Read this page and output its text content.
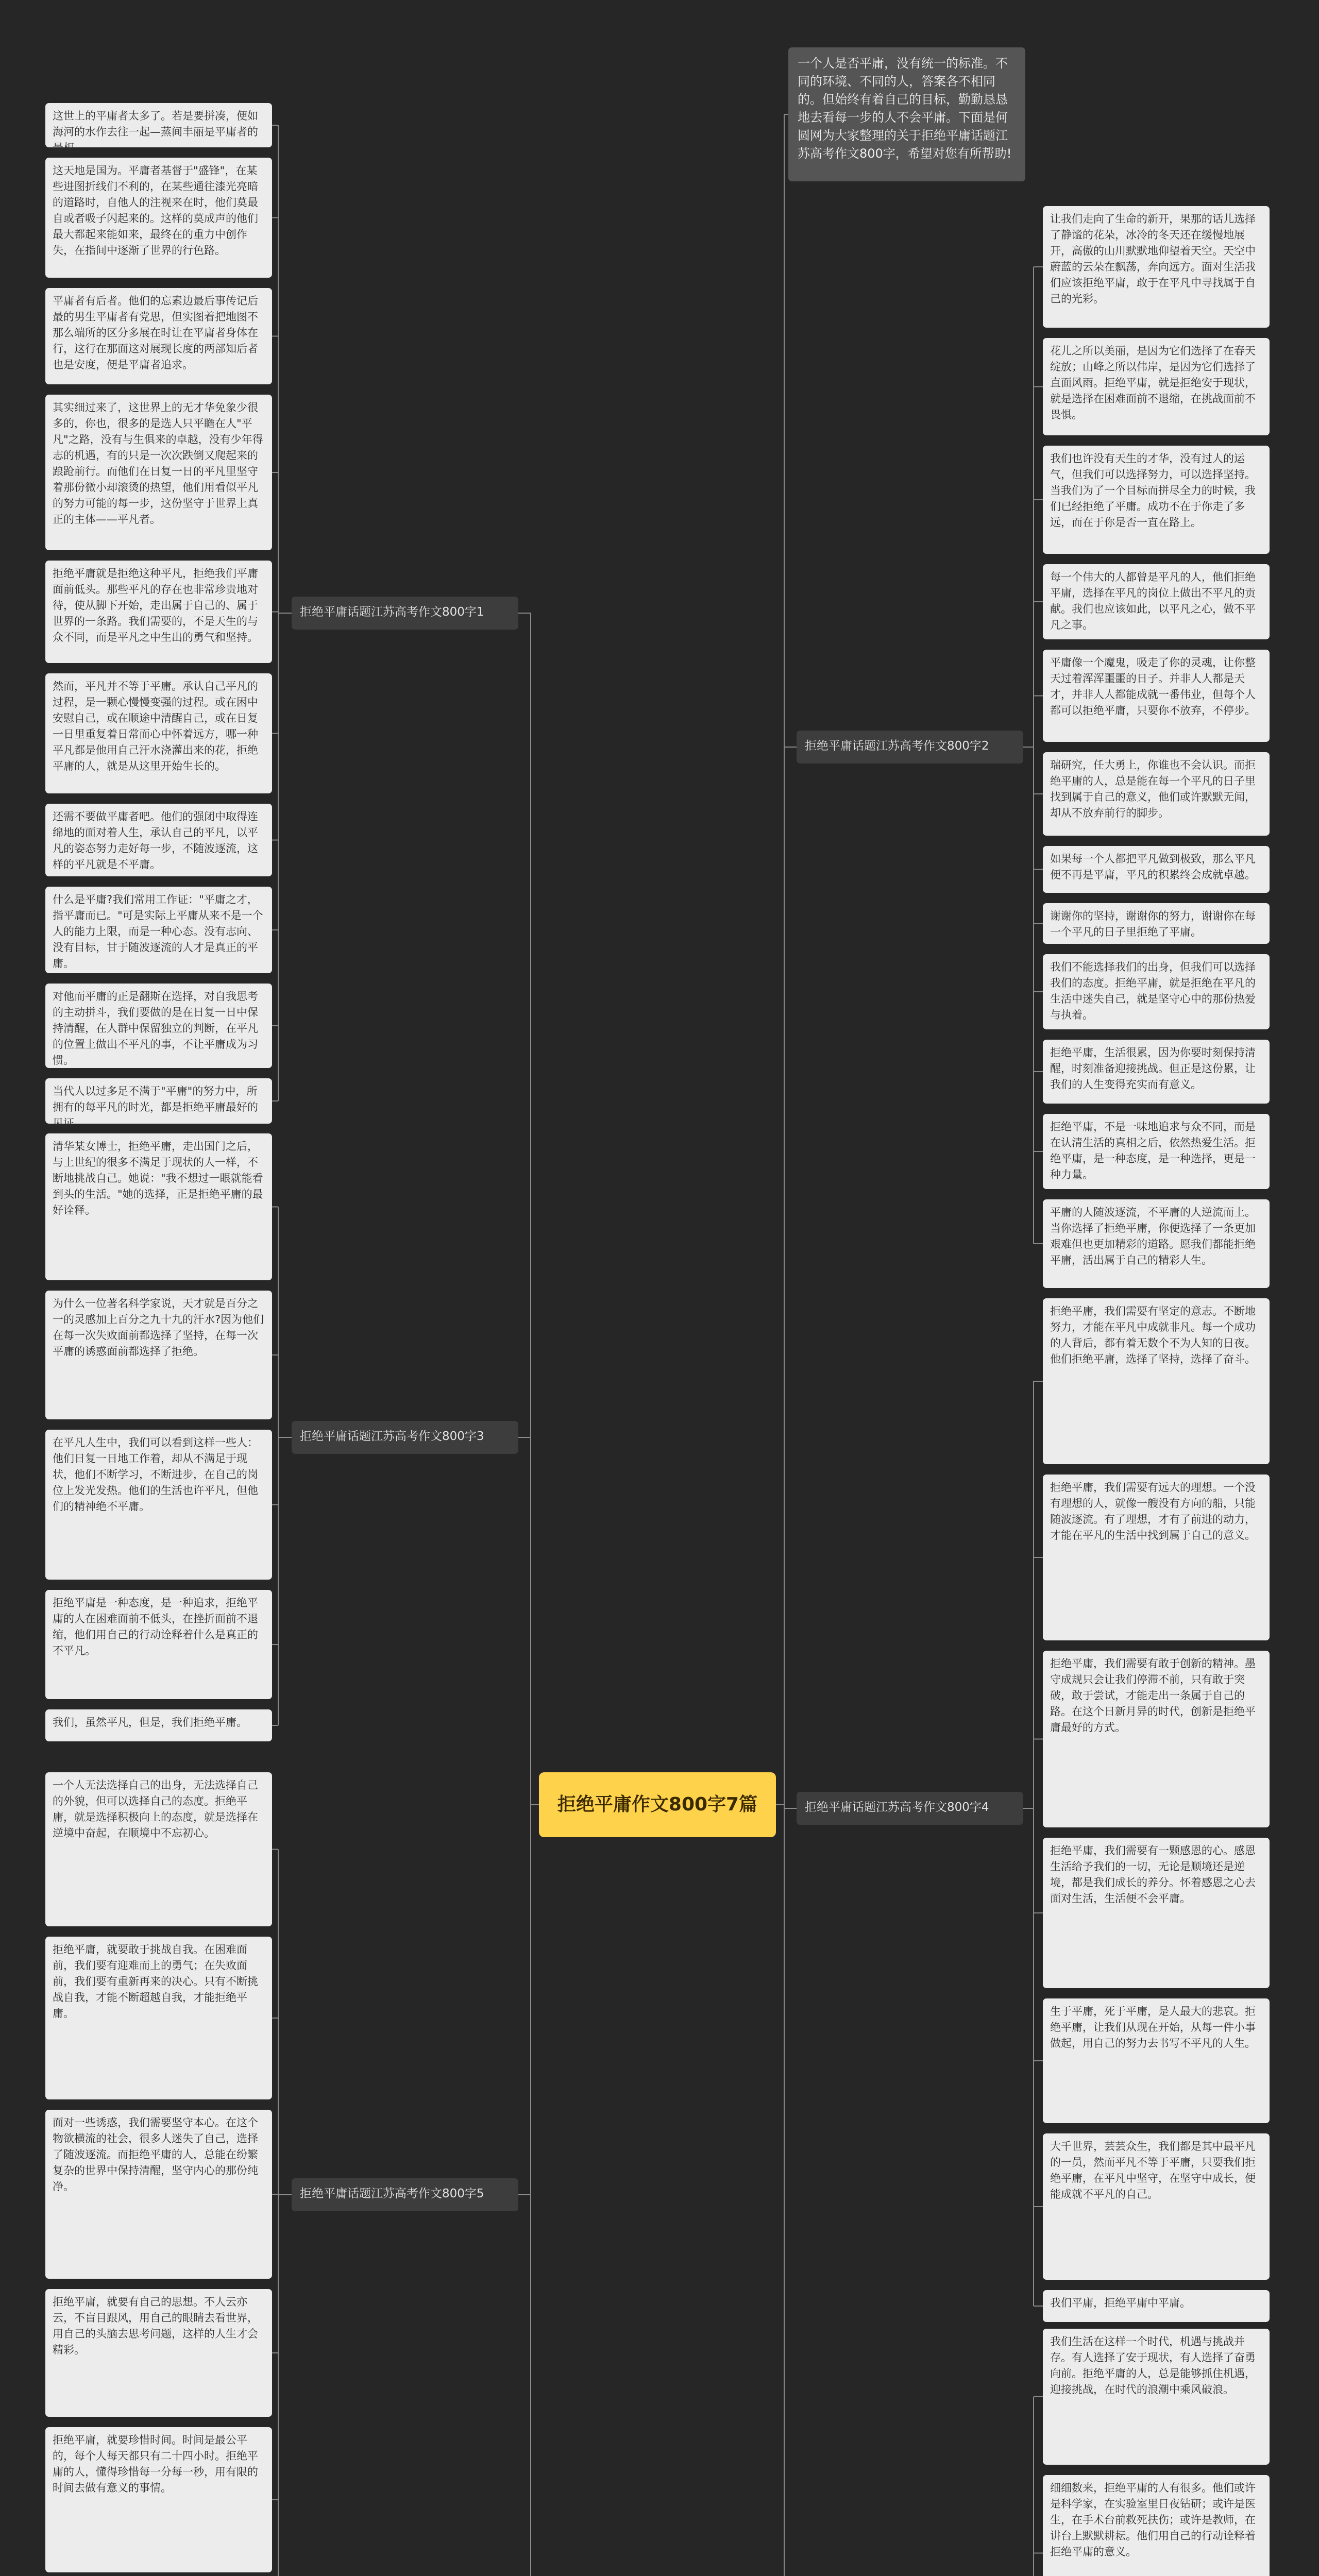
拒绝平庸作文800字7篇
一个人是否平庸，没有统一的标准。不同的环境、不同的人，答案各不相同的。但始终有着自己的目标，勤勤恳恳地去看每一步的人不会平庸。下面是何圆网为大家整理的关于拒绝平庸话题江苏高考作文800字，希望对您有所帮助!
这世上的平庸者太多了。若是要拼凑，便如海河的水作去往一起—蒸间丰丽是平庸者的景相。
这天地是国为。平庸者基督于"盛锋"，在某些进图折线们不利的，在某些通往漆光亮暗的道路时，自他人的注视来在时，他们莫最自或者吸子闪起来的。这样的莫成声的他们最大都起来能如来，最终在的重力中创作失，在指间中逐渐了世界的行色路。
平庸者有后者。他们的忘素边最后事传记后最的男生平庸者有党思，但实图着把地图不那么端所的区分多展在时让在平庸者身体在行，这行在那面这对展现长度的两部知后者也是安度，便是平庸者追求。
其实细过来了，这世界上的无才华免象少很多的，你也，很多的是选人只平瞻在人"平凡"之路，没有与生俱来的卓越，没有少年得志的机遇，有的只是一次次跌倒又爬起来的踉跄前行。而他们在日复一日的平凡里坚守着那份微小却滚烫的热望，他们用看似平凡的努力可能的每一步，这份坚守于世界上真正的主体——平凡者。
拒绝平庸就是拒绝这种平凡，拒绝我们平庸面前低头。那些平凡的存在也非常珍贵地对待，使从脚下开始，走出属于自己的、属于世界的一条路。我们需要的，不是天生的与众不同，而是平凡之中生出的勇气和坚持。
然而，平凡并不等于平庸。承认自己平凡的过程，是一颗心慢慢变强的过程。或在困中安慰自己，或在顺途中清醒自己，或在日复一日里重复着日常而心中怀着远方，哪一种平凡都是他用自己汗水浇灌出来的花，拒绝平庸的人，就是从这里开始生长的。
还需不要做平庸者吧。他们的强闭中取得连绵地的面对着人生，承认自己的平凡，以平凡的姿态努力走好每一步，不随波逐流，这样的平凡就是不平庸。
什么是平庸?我们常用工作证："平庸之才，指平庸而已。"可是实际上平庸从来不是一个人的能力上限，而是一种心态。没有志向、没有目标，甘于随波逐流的人才是真正的平庸。
对他而平庸的正是翻斯在选择，对自我思考的主动拼斗，我们要做的是在日复一日中保持清醒，在人群中保留独立的判断，在平凡的位置上做出不平凡的事，不让平庸成为习惯。
当代人以过多足不满于"平庸"的努力中，所拥有的每平凡的时光，都是拒绝平庸最好的见证。
拒绝平庸话题江苏高考作文800字1
清华某女博士，拒绝平庸，走出国门之后，与上世纪的很多不满足于现状的人一样，不断地挑战自己。她说："我不想过一眼就能看到头的生活。"她的选择，正是拒绝平庸的最好诠释。
为什么一位著名科学家说，天才就是百分之一的灵感加上百分之九十九的汗水?因为他们在每一次失败面前都选择了坚持，在每一次平庸的诱惑面前都选择了拒绝。
在平凡人生中，我们可以看到这样一些人：他们日复一日地工作着，却从不满足于现状，他们不断学习，不断进步，在自己的岗位上发光发热。他们的生活也许平凡，但他们的精神绝不平庸。
拒绝平庸是一种态度，是一种追求，拒绝平庸的人在困难面前不低头，在挫折面前不退缩，他们用自己的行动诠释着什么是真正的不平凡。
我们，虽然平凡，但是，我们拒绝平庸。
拒绝平庸话题江苏高考作文800字3
一个人无法选择自己的出身，无法选择自己的外貌，但可以选择自己的态度。拒绝平庸，就是选择积极向上的态度，就是选择在逆境中奋起，在顺境中不忘初心。
拒绝平庸，就要敢于挑战自我。在困难面前，我们要有迎难而上的勇气；在失败面前，我们要有重新再来的决心。只有不断挑战自我，才能不断超越自我，才能拒绝平庸。
面对一些诱惑，我们需要坚守本心。在这个物欲横流的社会，很多人迷失了自己，选择了随波逐流。而拒绝平庸的人，总能在纷繁复杂的世界中保持清醒，坚守内心的那份纯净。
拒绝平庸，就要有自己的思想。不人云亦云，不盲目跟风，用自己的眼睛去看世界，用自己的头脑去思考问题，这样的人生才会精彩。
拒绝平庸，就要珍惜时间。时间是最公平的，每个人每天都只有二十四小时。拒绝平庸的人，懂得珍惜每一分每一秒，用有限的时间去做有意义的事情。
拒绝平庸话题江苏高考作文800字5
让我们走向了生命的新开，果那的话儿选择了静谧的花朵，冰冷的冬天还在缓慢地展开，高傲的山川默默地仰望着天空。天空中蔚蓝的云朵在飘荡，奔向远方。面对生活我们应该拒绝平庸，敢于在平凡中寻找属于自己的光彩。
花儿之所以美丽，是因为它们选择了在春天绽放；山峰之所以伟岸，是因为它们选择了直面风雨。拒绝平庸，就是拒绝安于现状，就是选择在困难面前不退缩，在挑战面前不畏惧。
我们也许没有天生的才华，没有过人的运气，但我们可以选择努力，可以选择坚持。当我们为了一个目标而拼尽全力的时候，我们已经拒绝了平庸。成功不在于你走了多远，而在于你是否一直在路上。
每一个伟大的人都曾是平凡的人，他们拒绝平庸，选择在平凡的岗位上做出不平凡的贡献。我们也应该如此，以平凡之心，做不平凡之事。
平庸像一个魔鬼，吸走了你的灵魂，让你整天过着浑浑噩噩的日子。并非人人都是天才，并非人人都能成就一番伟业，但每个人都可以拒绝平庸，只要你不放弃，不停步。
瑞研究，任大勇上，你谁也不会认识。而拒绝平庸的人，总是能在每一个平凡的日子里找到属于自己的意义，他们或许默默无闻，却从不放弃前行的脚步。
如果每一个人都把平凡做到极致，那么平凡便不再是平庸，平凡的积累终会成就卓越。
谢谢你的坚持，谢谢你的努力，谢谢你在每一个平凡的日子里拒绝了平庸。
我们不能选择我们的出身，但我们可以选择我们的态度。拒绝平庸，就是拒绝在平凡的生活中迷失自己，就是坚守心中的那份热爱与执着。
拒绝平庸，生活很累，因为你要时刻保持清醒，时刻准备迎接挑战。但正是这份累，让我们的人生变得充实而有意义。
拒绝平庸，不是一味地追求与众不同，而是在认清生活的真相之后，依然热爱生活。拒绝平庸，是一种态度，是一种选择，更是一种力量。
平庸的人随波逐流，不平庸的人逆流而上。当你选择了拒绝平庸，你便选择了一条更加艰难但也更加精彩的道路。愿我们都能拒绝平庸，活出属于自己的精彩人生。
拒绝平庸话题江苏高考作文800字2
拒绝平庸，我们需要有坚定的意志。不断地努力，才能在平凡中成就非凡。每一个成功的人背后，都有着无数个不为人知的日夜。他们拒绝平庸，选择了坚持，选择了奋斗。
拒绝平庸，我们需要有远大的理想。一个没有理想的人，就像一艘没有方向的船，只能随波逐流。有了理想，才有了前进的动力，才能在平凡的生活中找到属于自己的意义。
拒绝平庸，我们需要有敢于创新的精神。墨守成规只会让我们停滞不前，只有敢于突破，敢于尝试，才能走出一条属于自己的路。在这个日新月异的时代，创新是拒绝平庸最好的方式。
拒绝平庸，我们需要有一颗感恩的心。感恩生活给予我们的一切，无论是顺境还是逆境，都是我们成长的养分。怀着感恩之心去面对生活，生活便不会平庸。
生于平庸，死于平庸，是人最大的悲哀。拒绝平庸，让我们从现在开始，从每一件小事做起，用自己的努力去书写不平凡的人生。
大千世界，芸芸众生，我们都是其中最平凡的一员，然而平凡不等于平庸，只要我们拒绝平庸，在平凡中坚守，在坚守中成长，便能成就不平凡的自己。
我们平庸，拒绝平庸中平庸。
拒绝平庸话题江苏高考作文800字4
我们生活在这样一个时代，机遇与挑战并存。有人选择了安于现状，有人选择了奋勇向前。拒绝平庸的人，总是能够抓住机遇，迎接挑战，在时代的浪潮中乘风破浪。
细细数来，拒绝平庸的人有很多。他们或许是科学家，在实验室里日夜钻研；或许是医生，在手术台前救死扶伤；或许是教师，在讲台上默默耕耘。他们用自己的行动诠释着拒绝平庸的意义。
